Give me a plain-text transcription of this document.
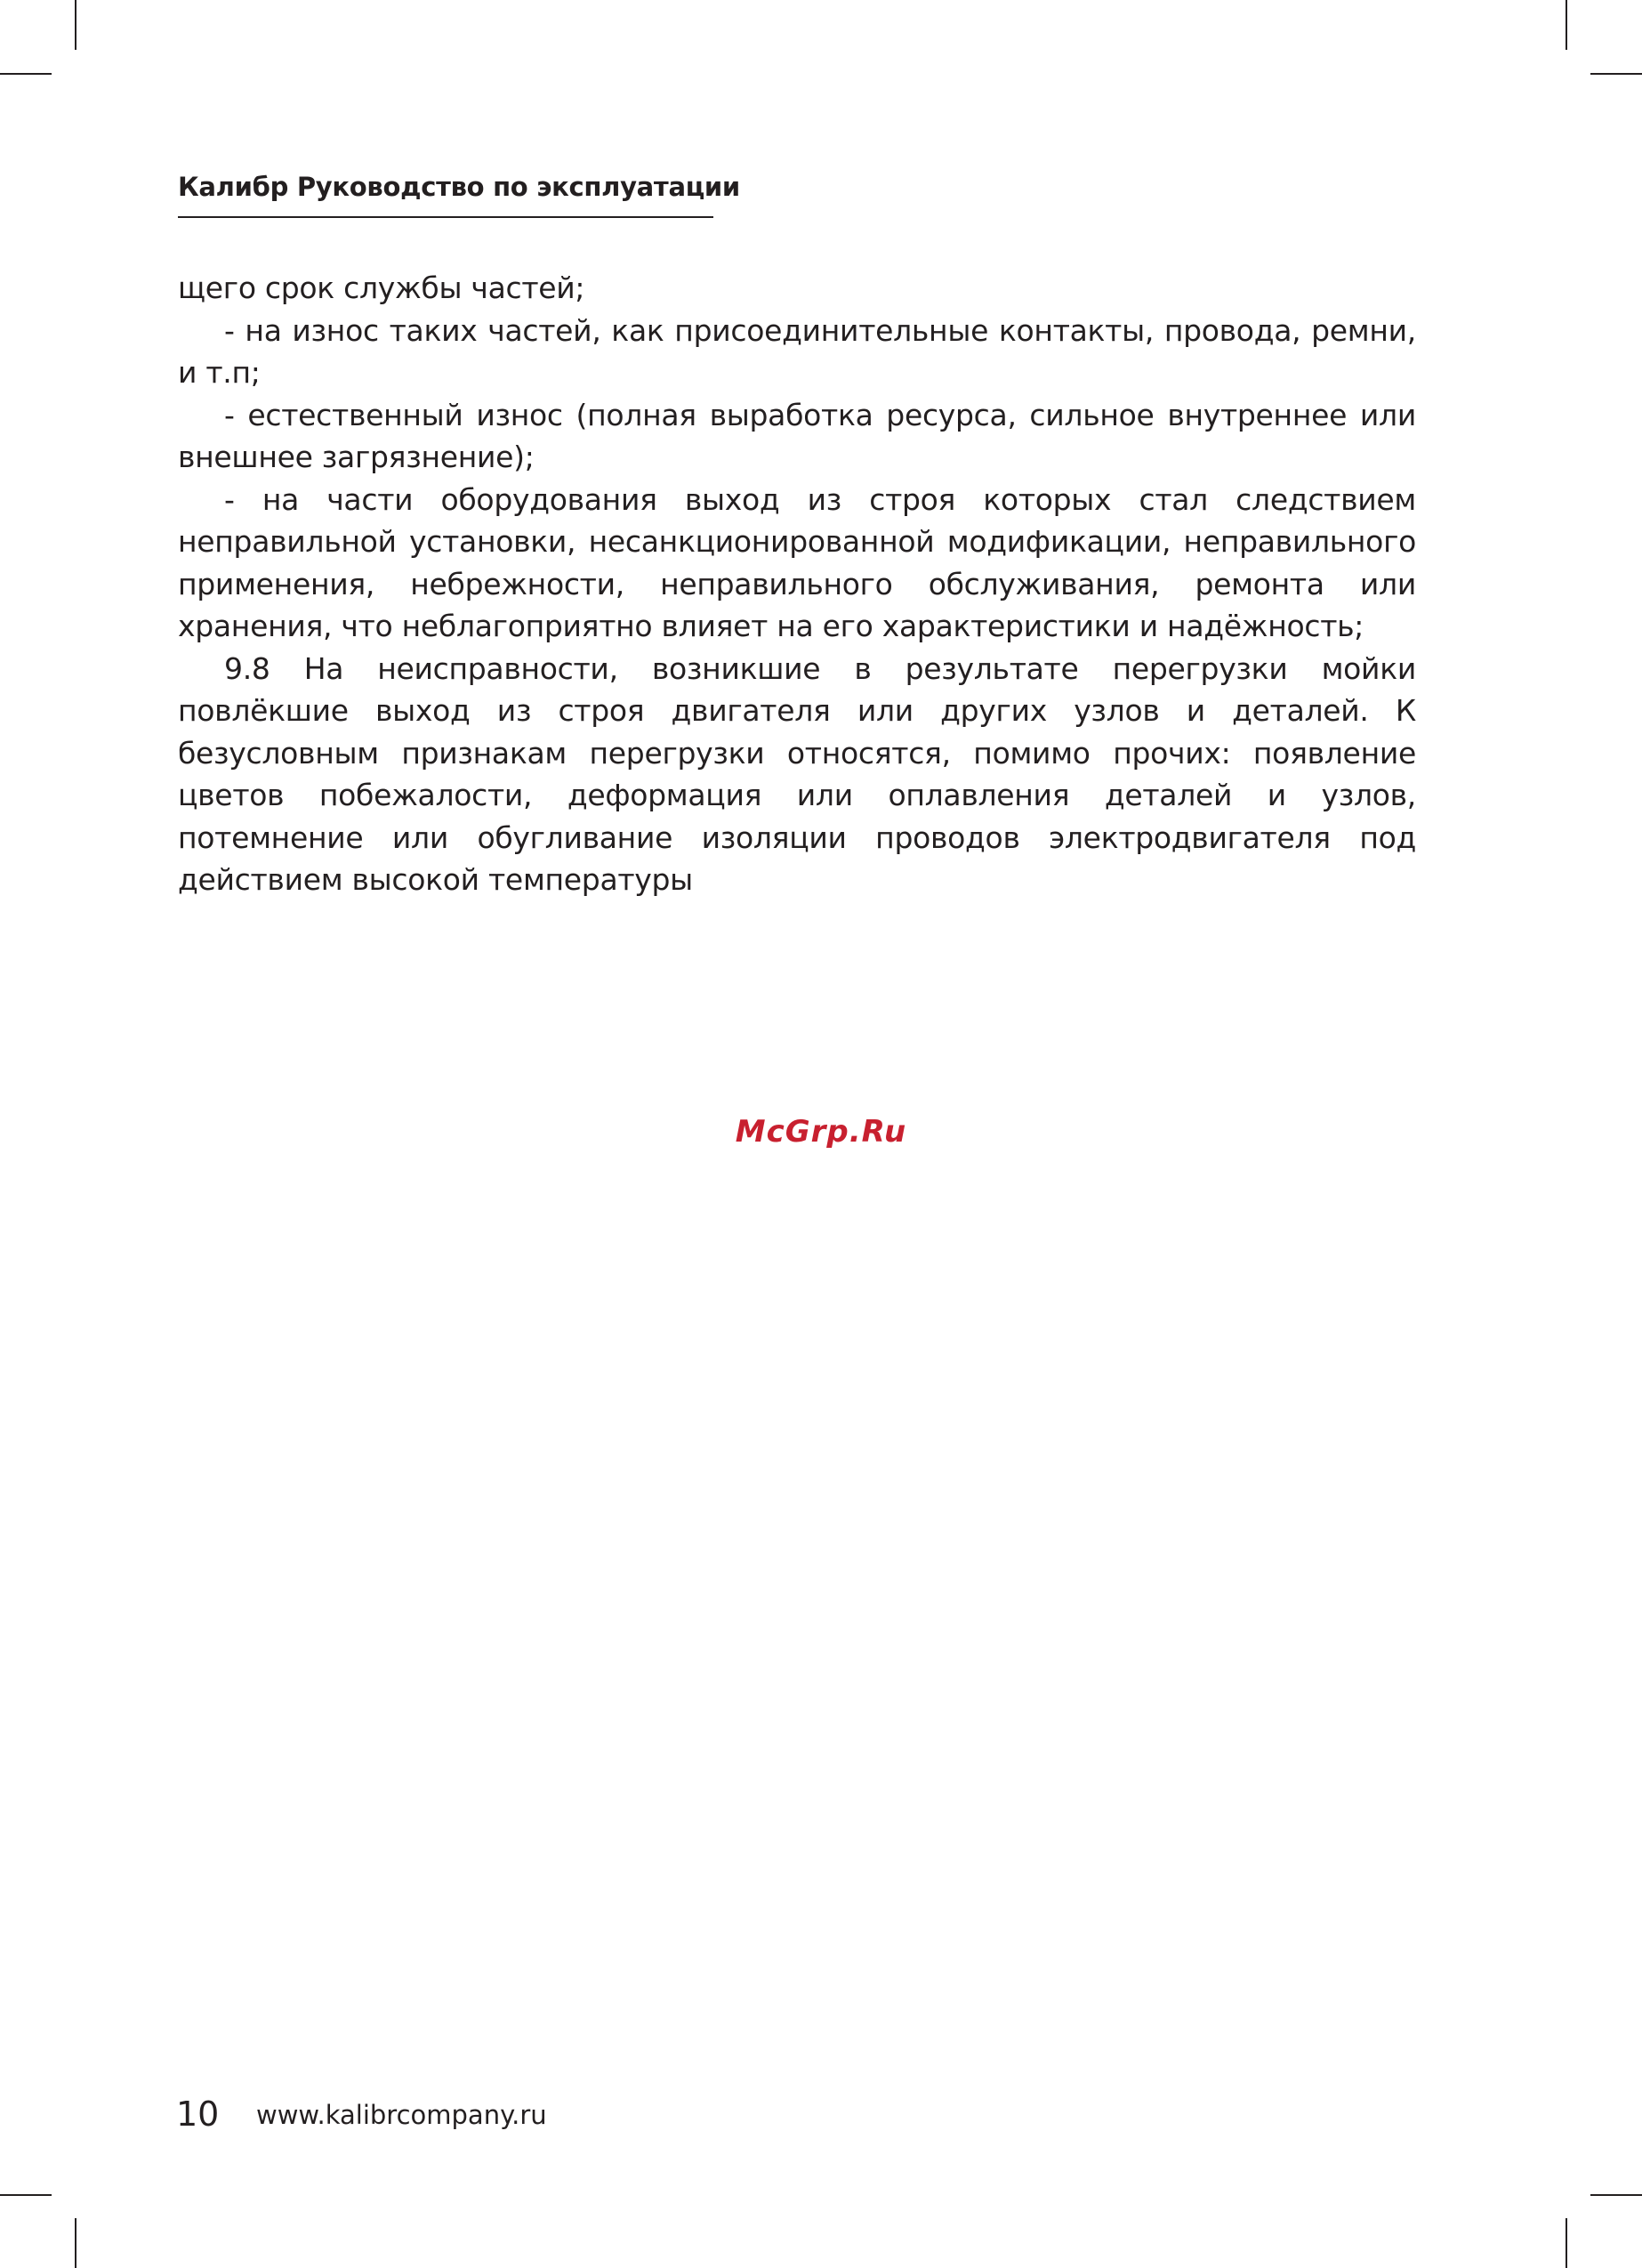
Калибр Руководство по эксплуатации

щего срок службы частей;

- на износ таких частей, как присоединительные контакты, провода, ремни, и т.п;

- естественный износ (полная выработка ресурса, сильное внутреннее или внешнее загрязнение);

- на части оборудования выход из строя которых стал следствием неправильной установки, несанкционированной модификации, неправильного применения, небрежности, неправильного обслуживания, ремонта или хранения, что неблагоприятно влияет на его характеристики и надёжность;

9.8 На неисправности, возникшие в результате перегрузки мойки повлёкшие выход из строя двигателя или других узлов и деталей. К безусловным признакам перегрузки относятся, помимо прочих: появление цветов побежалости, деформация или оплавления деталей и узлов, потемнение или обугливание изоляции проводов электродвигателя под действием высокой температуры

McGrp.Ru
10 www.kalibrcompany.ru
